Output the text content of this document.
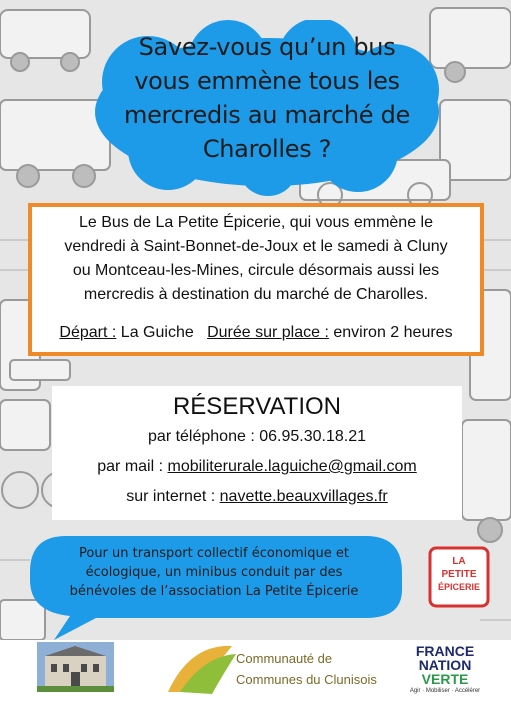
Savez-vous qu’un bus
vous emmène tous les
mercredis au marché de
Charolles ?
Le Bus de La Petite Épicerie, qui vous emmène le
vendredi à Saint-Bonnet-de-Joux et le samedi à Cluny
ou Montceau-les-Mines, circule désormais aussi les
mercredis à destination du marché de Charolles.
Départ : La Guiche Durée sur place : environ 2 heures
RÉSERVATION
par téléphone : 06.95.30.18.21
par mail : mobiliterurale.laguiche@gmail.com
sur internet : navette.beauxvillages.fr
Pour un transport collectif économique et
écologique, un minibus conduit par des
bénévoles de l’association La Petite Épicerie
LA
PETITE
ÉPICERIE
Communauté de
Communes du Clunisois
FRANCE
NATION
VERTE
Agir · Mobiliser · Accélérer
